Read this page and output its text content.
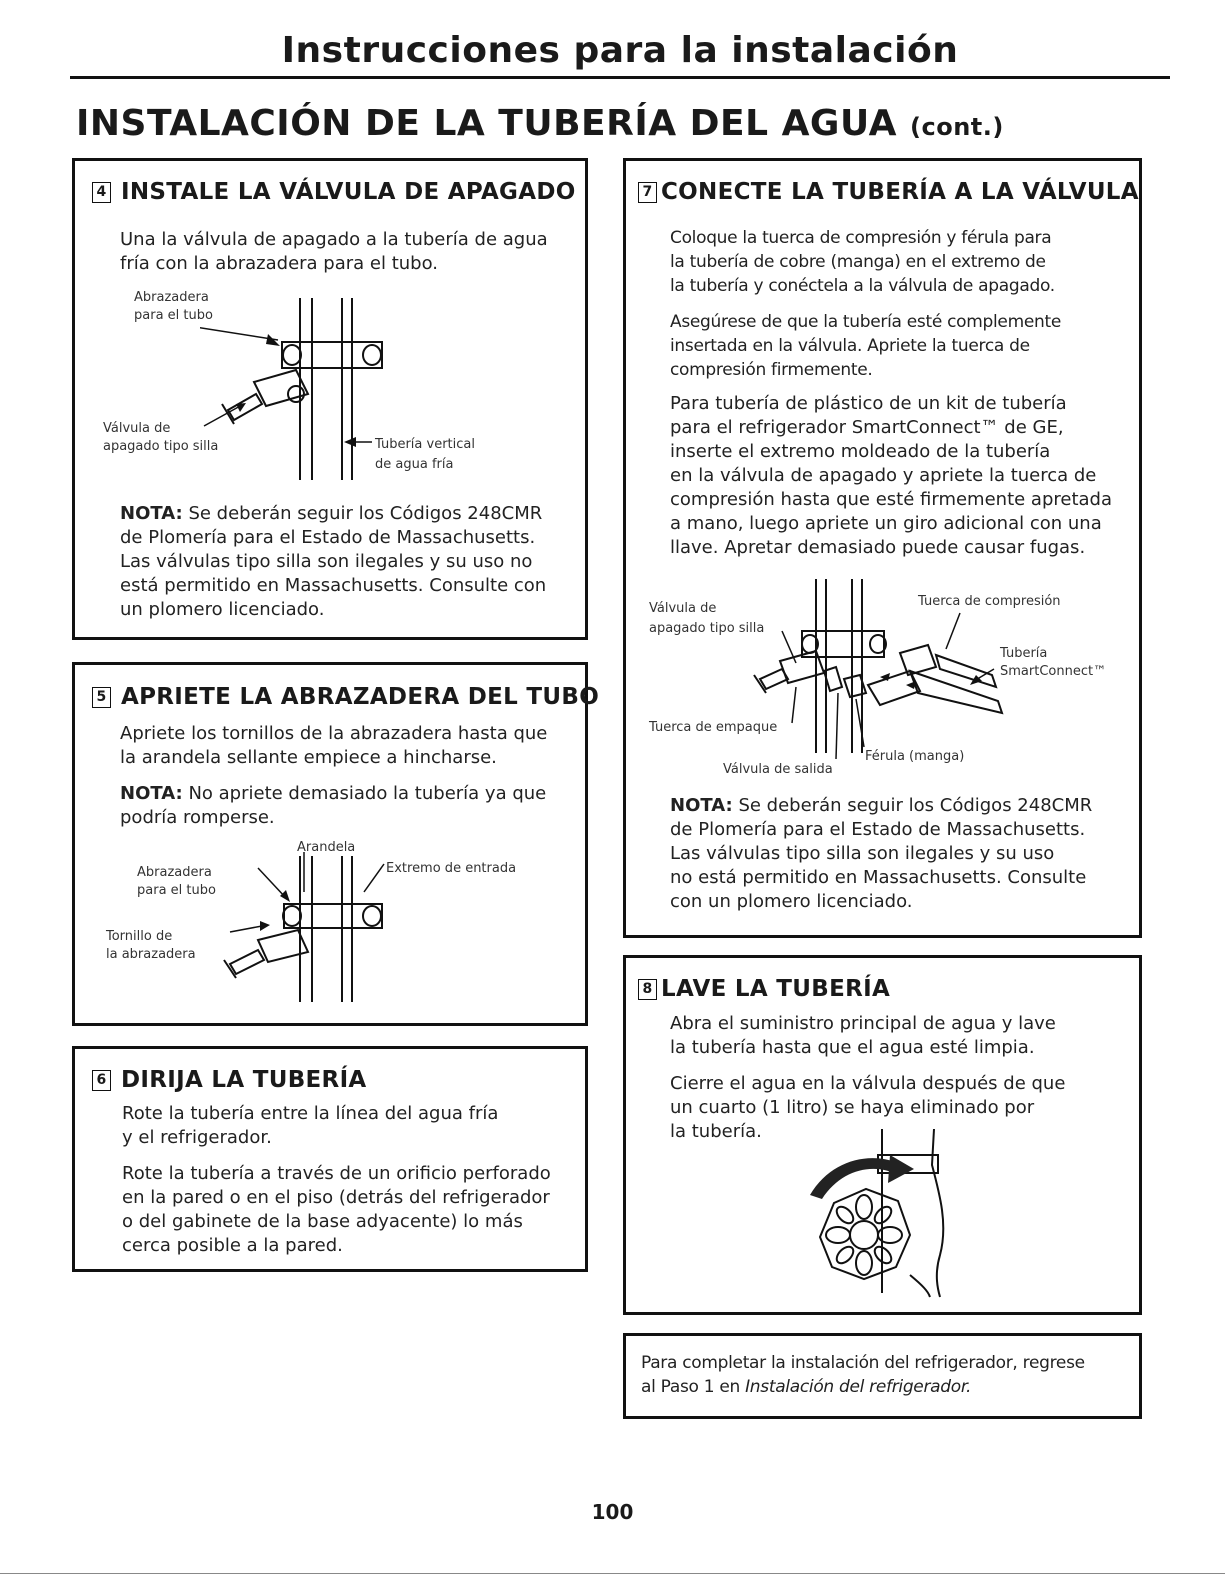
Instrucciones para la instalación
INSTALACIÓN DE LA TUBERÍA DEL AGUA (cont.)
4 INSTALE LA VÁLVULA DE APAGADO
Una la válvula de apagado a la tubería de agua
fría con la abrazadera para el tubo.
Abrazadera
para el tubo
Válvula de
apagado tipo silla	Tubería vertical
de agua fría
NOTA: Se deberán seguir los Códigos 248CMR
de Plomería para el Estado de Massachusetts.
Las válvulas tipo silla son ilegales y su uso no
está permitido en Massachusetts. Consulte con
un plomero licenciado.
5 APRIETE LA ABRAZADERA DEL TUBO
Apriete los tornillos de la abrazadera hasta que
la arandela sellante empiece a hincharse.
NOTA: No apriete demasiado la tubería ya que
podría romperse.
Arandela
Abrazadera
para el tubo
Extremo de entrada
Tornillo de
la abrazadera
6 DIRIJA LA TUBERÍA
Rote la tubería entre la línea del agua fría
y el refrigerador.
Rote la tubería a través de un orificio perforado
en la pared o en el piso (detrás del refrigerador
o del gabinete de la base adyacente) lo más
cerca posible a la pared.
7 CONECTE LA TUBERÍA A LA VÁLVULA
Coloque la tuerca de compresión y férula para
la tubería de cobre (manga) en el extremo de
la tubería y conéctela a la válvula de apagado.
Asegúrese de que la tubería esté complemente
insertada en la válvula. Apriete la tuerca de
compresión firmemente.
Para tubería de plástico de un kit de tubería
para el refrigerador SmartConnect™ de GE,
inserte el extremo moldeado de la tubería
en la válvula de apagado y apriete la tuerca de
compresión hasta que esté firmemente apretada
a mano, luego apriete un giro adicional con una
llave. Apretar demasiado puede causar fugas.
Válvula de
apagado tipo silla
Tuerca de compresión
Tubería
SmartConnect™
Tuerca de empaque
Férula (manga)
Válvula de salida
NOTA: Se deberán seguir los Códigos 248CMR
de Plomería para el Estado de Massachusetts.
Las válvulas tipo silla son ilegales y su uso
no está permitido en Massachusetts. Consulte
con un plomero licenciado.
8 LAVE LA TUBERÍA
Abra el suministro principal de agua y lave
la tubería hasta que el agua esté limpia.
Cierre el agua en la válvula después de que
un cuarto (1 litro) se haya eliminado por
la tubería.
Para completar la instalación del refrigerador, regrese
al Paso 1 en Instalación del refrigerador.
100
